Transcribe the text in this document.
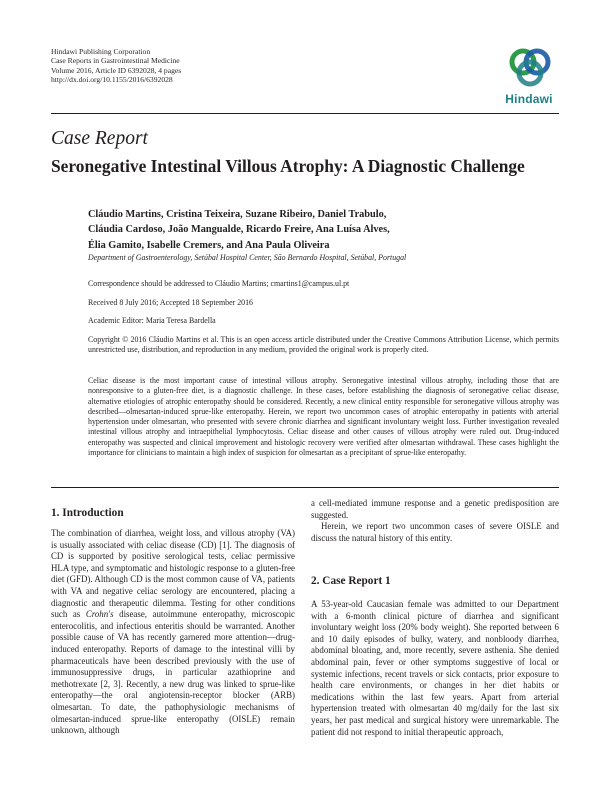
Hindawi Publishing Corporation
Case Reports in Gastrointestinal Medicine
Volume 2016, Article ID 6392028, 4 pages
http://dx.doi.org/10.1155/2016/6392028
Hindawi
Case Report
Seronegative Intestinal Villous Atrophy: A Diagnostic Challenge
Cláudio Martins, Cristina Teixeira, Suzane Ribeiro, Daniel Trabulo,
Cláudia Cardoso, João Mangualde, Ricardo Freire, Ana Luísa Alves,
Élia Gamito, Isabelle Cremers, and Ana Paula Oliveira
Department of Gastroenterology, Setúbal Hospital Center, São Bernardo Hospital, Setúbal, Portugal
Correspondence should be addressed to Cláudio Martins; cmartins1@campus.ul.pt
Received 8 July 2016; Accepted 18 September 2016
Academic Editor: Maria Teresa Bardella
Copyright © 2016 Cláudio Martins et al. This is an open access article distributed under the Creative Commons Attribution License, which permits unrestricted use, distribution, and reproduction in any medium, provided the original work is properly cited.
Celiac disease is the most important cause of intestinal villous atrophy. Seronegative intestinal villous atrophy, including those that are nonresponsive to a gluten-free diet, is a diagnostic challenge. In these cases, before establishing the diagnosis of seronegative celiac disease, alternative etiologies of atrophic enteropathy should be considered. Recently, a new clinical entity responsible for seronegative villous atrophy was described—olmesartan-induced sprue-like enteropathy. Herein, we report two uncommon cases of atrophic enteropathy in patients with arterial hypertension under olmesartan, who presented with severe chronic diarrhea and significant involuntary weight loss. Further investigation revealed intestinal villous atrophy and intraepithelial lymphocytosis. Celiac disease and other causes of villous atrophy were ruled out. Drug-induced enteropathy was suspected and clinical improvement and histologic recovery were verified after olmesartan withdrawal. These cases highlight the importance for clinicians to maintain a high index of suspicion for olmesartan as a precipitant of sprue-like enteropathy.
1. Introduction

The combination of diarrhea, weight loss, and villous atrophy (VA) is usually associated with celiac disease (CD) [1]. The diagnosis of CD is supported by positive serological tests, celiac permissive HLA type, and symptomatic and histologic response to a gluten-free diet (GFD). Although CD is the most common cause of VA, patients with VA and negative celiac serology are encountered, placing a diagnostic and therapeutic dilemma. Testing for other conditions such as Crohn's disease, autoimmune enteropathy, microscopic enterocolitis, and infectious enteritis should be warranted. Another possible cause of VA has recently garnered more attention—drug-induced enteropathy. Reports of damage to the intestinal villi by pharmaceuticals have been described previously with the use of immunosuppressive drugs, in particular azathioprine and methotrexate [2, 3]. Recently, a new drug was linked to sprue-like enteropathy—the oral angiotensin-receptor blocker (ARB) olmesartan. To date, the pathophysiologic mechanisms of olmesartan-induced sprue-like enteropathy (OISLE) remain unknown, although

a cell-mediated immune response and a genetic predisposition are suggested.

Herein, we report two uncommon cases of severe OISLE and discuss the natural history of this entity.

2. Case Report 1

A 53-year-old Caucasian female was admitted to our Department with a 6-month clinical picture of diarrhea and significant involuntary weight loss (20% body weight). She reported between 6 and 10 daily episodes of bulky, watery, and nonbloody diarrhea, abdominal bloating, and, more recently, severe asthenia. She denied abdominal pain, fever or other symptoms suggestive of local or systemic infections, recent travels or sick contacts, prior exposure to health care environments, or changes in her diet habits or medications within the last few years. Apart from arterial hypertension treated with olmesartan 40 mg/daily for the last six years, her past medical and surgical history were unremarkable. The patient did not respond to initial therapeutic approach,
